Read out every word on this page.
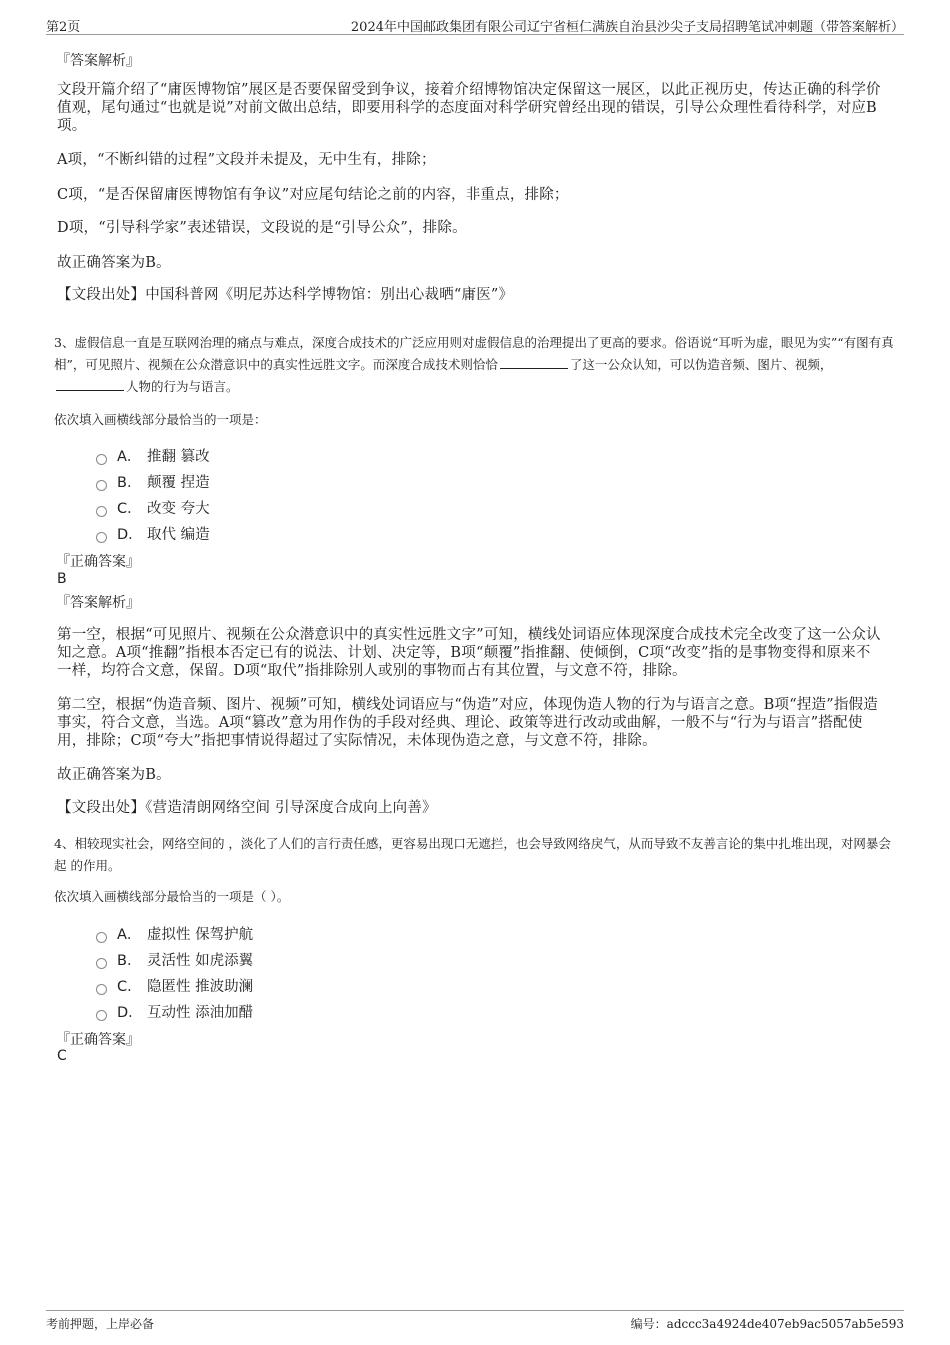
第2页	2024年中国邮政集团有限公司辽宁省桓仁满族自治县沙尖子支局招聘笔试冲刺题（带答案解析）
『答案解析』
文段开篇介绍了“庸医博物馆”展区是否要保留受到争议，接着介绍博物馆决定保留这一展区，以此正视历史，传达正确的科学价值观，尾句通过“也就是说”对前文做出总结，即要用科学的态度面对科学研究曾经出现的错误，引导公众理性看待科学，对应B项。
A项，“不断纠错的过程”文段并未提及，无中生有，排除；
C项，“是否保留庸医博物馆有争议”对应尾句结论之前的内容，非重点，排除；
D项，“引导科学家”表述错误，文段说的是“引导公众”，排除。
故正确答案为B。
【文段出处】中国科普网《明尼苏达科学博物馆：别出心裁晒“庸医”》
3、虚假信息一直是互联网治理的痛点与难点，深度合成技术的广泛应用则对虚假信息的治理提出了更高的要求。俗语说“耳听为虚，眼见为实”“有图有真相”，可见照片、视频在公众潜意识中的真实性远胜文字。而深度合成技术则恰恰	了这一公众认知，可以伪造音频、图片、视频，人物的行为与语言。
依次填入画横线部分最恰当的一项是：
A． 推翻 篡改
B． 颠覆 捏造
C． 改变 夸大
D． 取代 编造
『正确答案』
B
『答案解析』
第一空，根据“可见照片、视频在公众潜意识中的真实性远胜文字”可知，横线处词语应体现深度合成技术完全改变了这一公众认知之意。A项“推翻”指根本否定已有的说法、计划、决定等，B项“颠覆”指推翻、使倾倒，C项“改变”指的是事物变得和原来不一样，均符合文意，保留。D项“取代”指排除别人或别的事物而占有其位置，与文意不符，排除。
第二空，根据“伪造音频、图片、视频”可知，横线处词语应与“伪造”对应，体现伪造人物的行为与语言之意。B项“捏造”指假造事实，符合文意，当选。A项“篡改”意为用作伪的手段对经典、理论、政策等进行改动或曲解，一般不与“行为与语言”搭配使用，排除；C项“夸大”指把事情说得超过了实际情况，未体现伪造之意，与文意不符，排除。
故正确答案为B。
【文段出处】《营造清朗网络空间 引导深度合成向上向善》
4、相较现实社会，网络空间的 ，淡化了人们的言行责任感，更容易出现口无遮拦，也会导致网络戾气，从而导致不友善言论的集中扎堆出现，对网暴会起 的作用。
依次填入画横线部分最恰当的一项是（ ）。
A． 虚拟性 保驾护航
B． 灵活性 如虎添翼
C． 隐匿性 推波助澜
D． 互动性 添油加醋
『正确答案』
C
考前押题，上岸必备	编号：adccc3a4924de407eb9ac5057ab5e593
